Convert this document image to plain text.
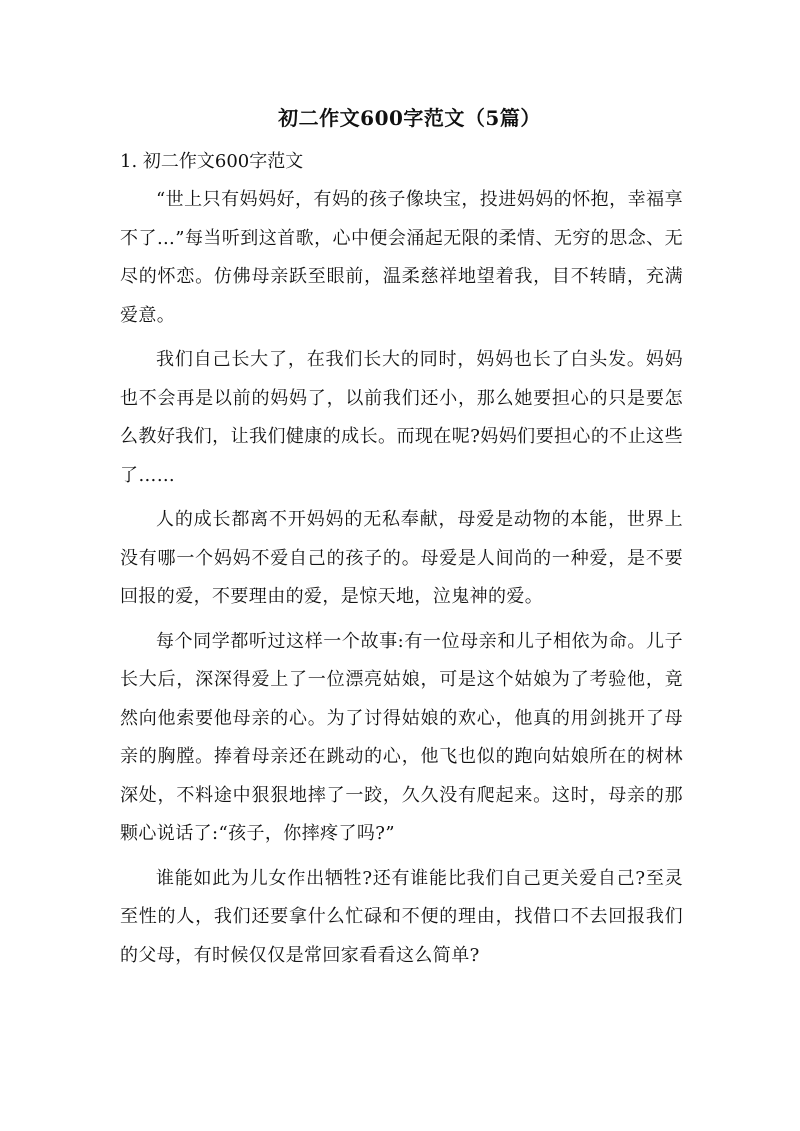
初二作文600字范文（5篇）

1. 初二作文600字范文

“世上只有妈妈好，有妈的孩子像块宝，投进妈妈的怀抱，幸福享不了…”每当听到这首歌，心中便会涌起无限的柔情、无穷的思念、无尽的怀恋。仿佛母亲跃至眼前，温柔慈祥地望着我，目不转睛，充满爱意。

我们自己长大了，在我们长大的同时，妈妈也长了白头发。妈妈也不会再是以前的妈妈了，以前我们还小，那么她要担心的只是要怎么教好我们，让我们健康的成长。而现在呢?妈妈们要担心的不止这些了……

人的成长都离不开妈妈的无私奉献，母爱是动物的本能，世界上没有哪一个妈妈不爱自己的孩子的。母爱是人间尚的一种爱，是不要回报的爱，不要理由的爱，是惊天地，泣鬼神的爱。

每个同学都听过这样一个故事:有一位母亲和儿子相依为命。儿子长大后，深深得爱上了一位漂亮姑娘，可是这个姑娘为了考验他，竟然向他索要他母亲的心。为了讨得姑娘的欢心，他真的用剑挑开了母亲的胸膛。捧着母亲还在跳动的心，他飞也似的跑向姑娘所在的树林深处，不料途中狠狠地摔了一跤，久久没有爬起来。这时，母亲的那颗心说话了:“孩子，你摔疼了吗?”

谁能如此为儿女作出牺牲?还有谁能比我们自己更关爱自己?至灵至性的人，我们还要拿什么忙碌和不便的理由，找借口不去回报我们的父母，有时候仅仅是常回家看看这么简单?
